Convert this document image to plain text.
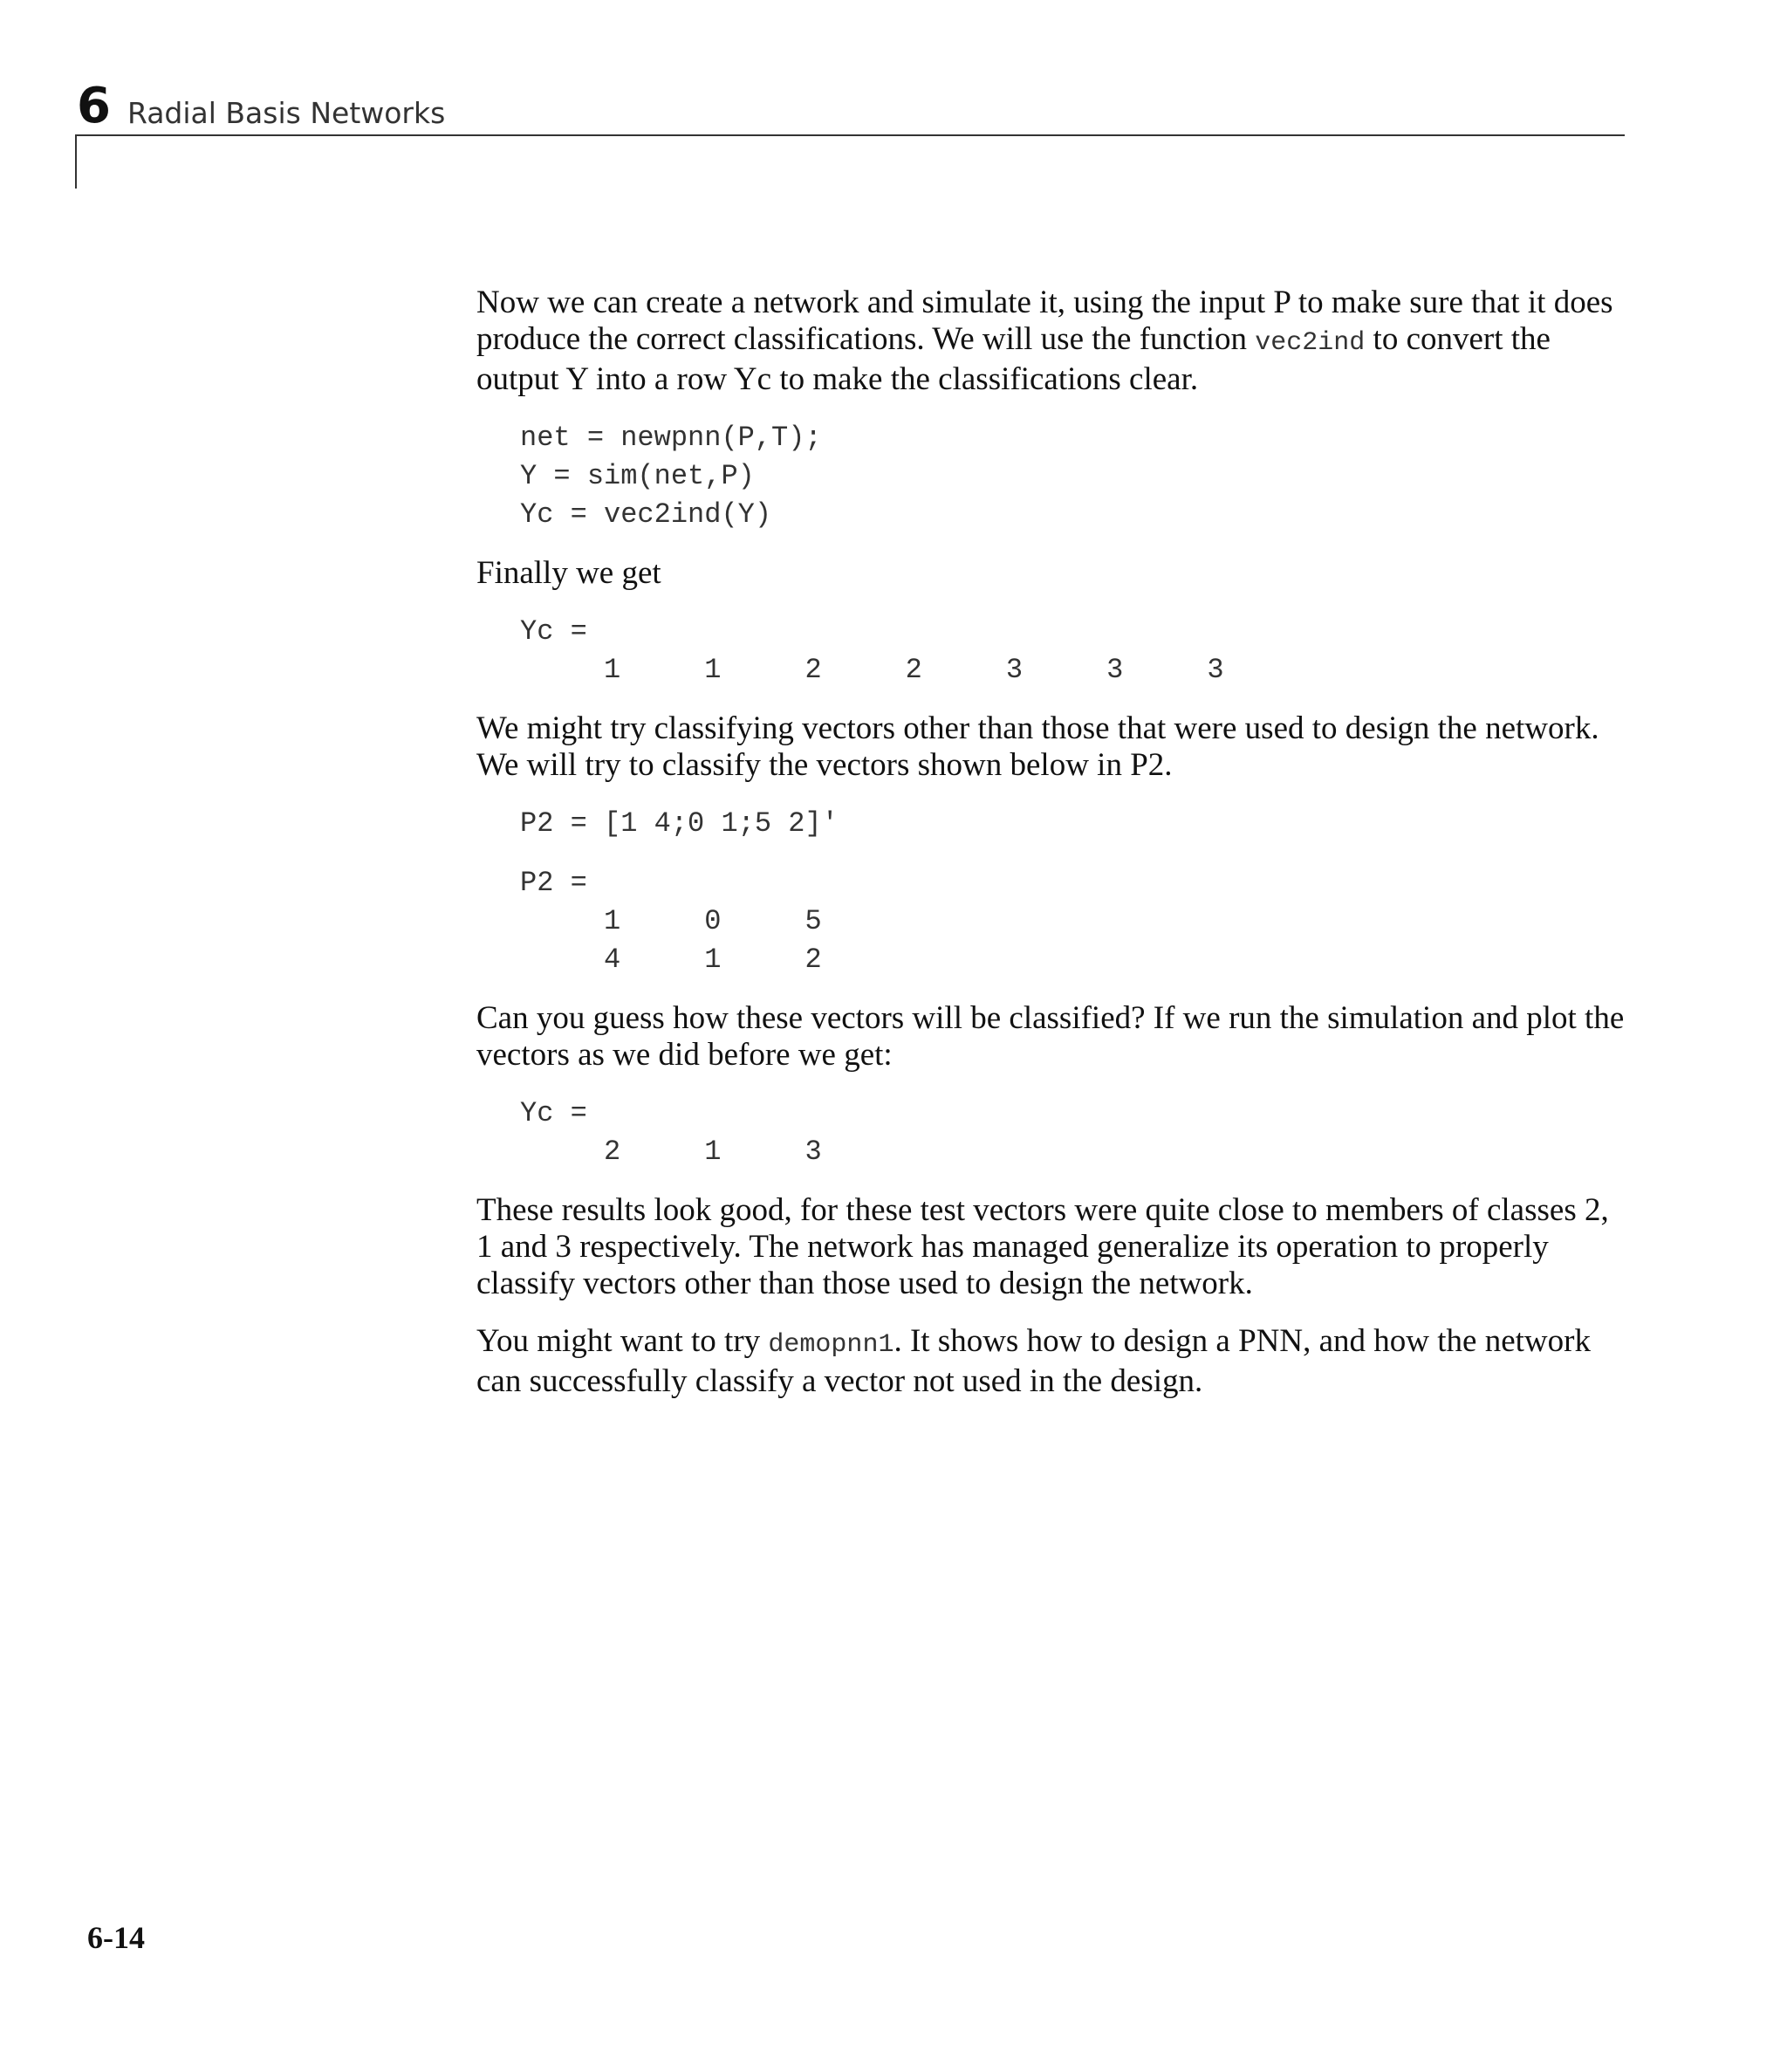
6 Radial Basis Networks

Now we can create a network and simulate it, using the input P to make sure that it does produce the correct classifications. We will use the function vec2ind to convert the output Y into a row Yc to make the classifications clear.

net = newpnn(P,T);
Y = sim(net,P)
Yc = vec2ind(Y)

Finally we get

Yc =
1     1     2     2     3     3     3

We might try classifying vectors other than those that were used to design the network. We will try to classify the vectors shown below in P2.

P2 = [1 4;0 1;5 2]'
P2 =
1     0     5
4     1     2

Can you guess how these vectors will be classified? If we run the simulation and plot the vectors as we did before we get:

Yc =
2     1     3

These results look good, for these test vectors were quite close to members of classes 2, 1 and 3 respectively. The network has managed generalize its operation to properly classify vectors other than those used to design the network.

You might want to try demopnn1. It shows how to design a PNN, and how the network can successfully classify a vector not used in the design.

6-14
